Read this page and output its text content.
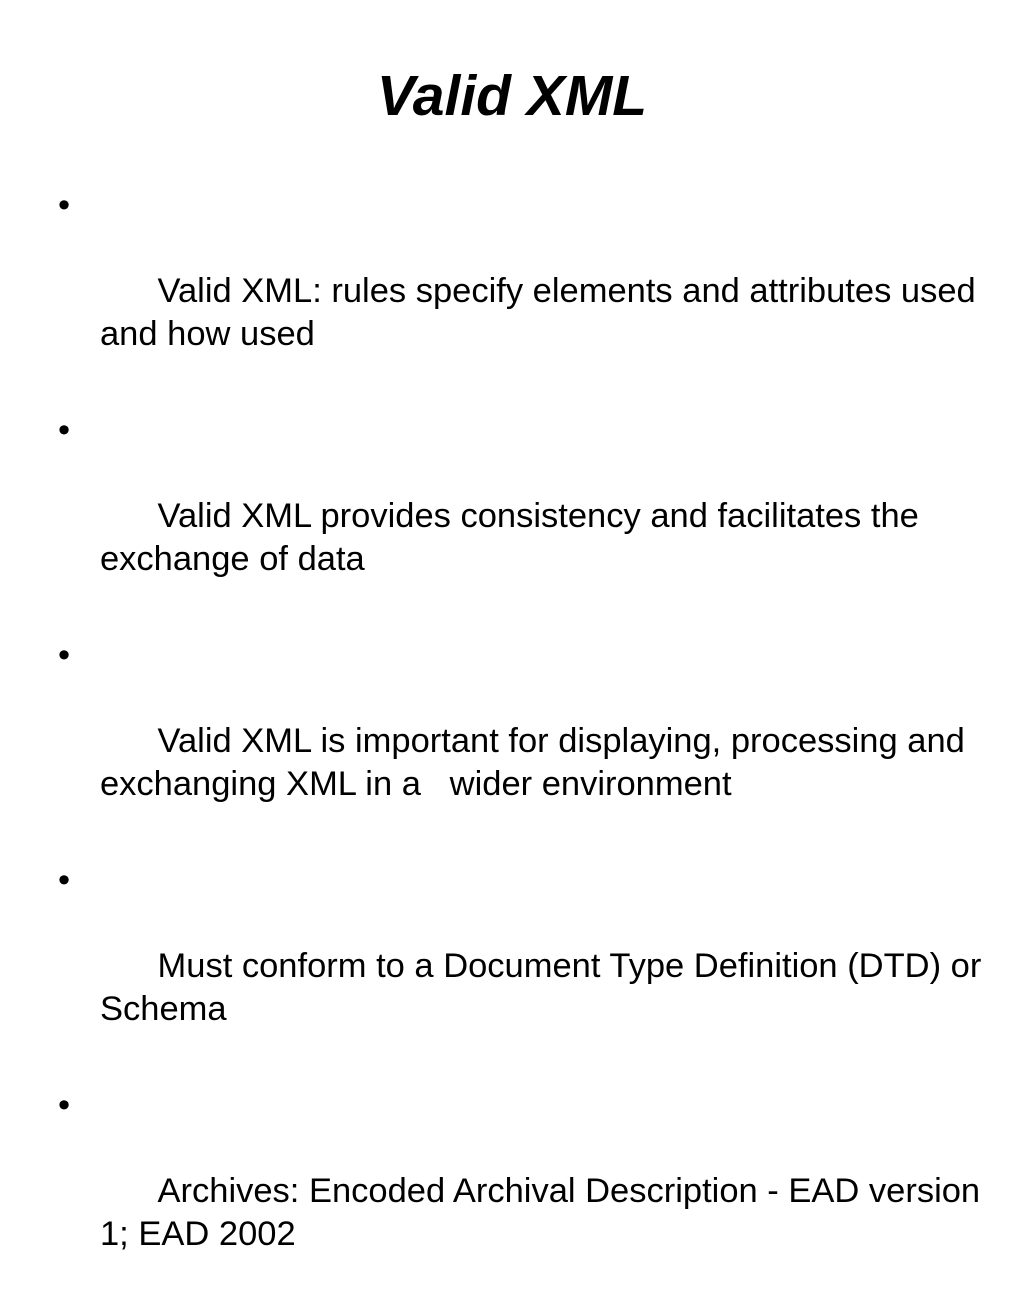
Valid XML

•

Valid XML: rules specify elements and attributes used and how used

•

Valid XML provides consistency and facilitates the exchange of data

•

Valid XML is important for displaying, processing and exchanging XML in a   wider environment

•

Must conform to a Document Type Definition (DTD) or Schema

•

Archives: Encoded Archival Description - EAD version 1; EAD 2002
